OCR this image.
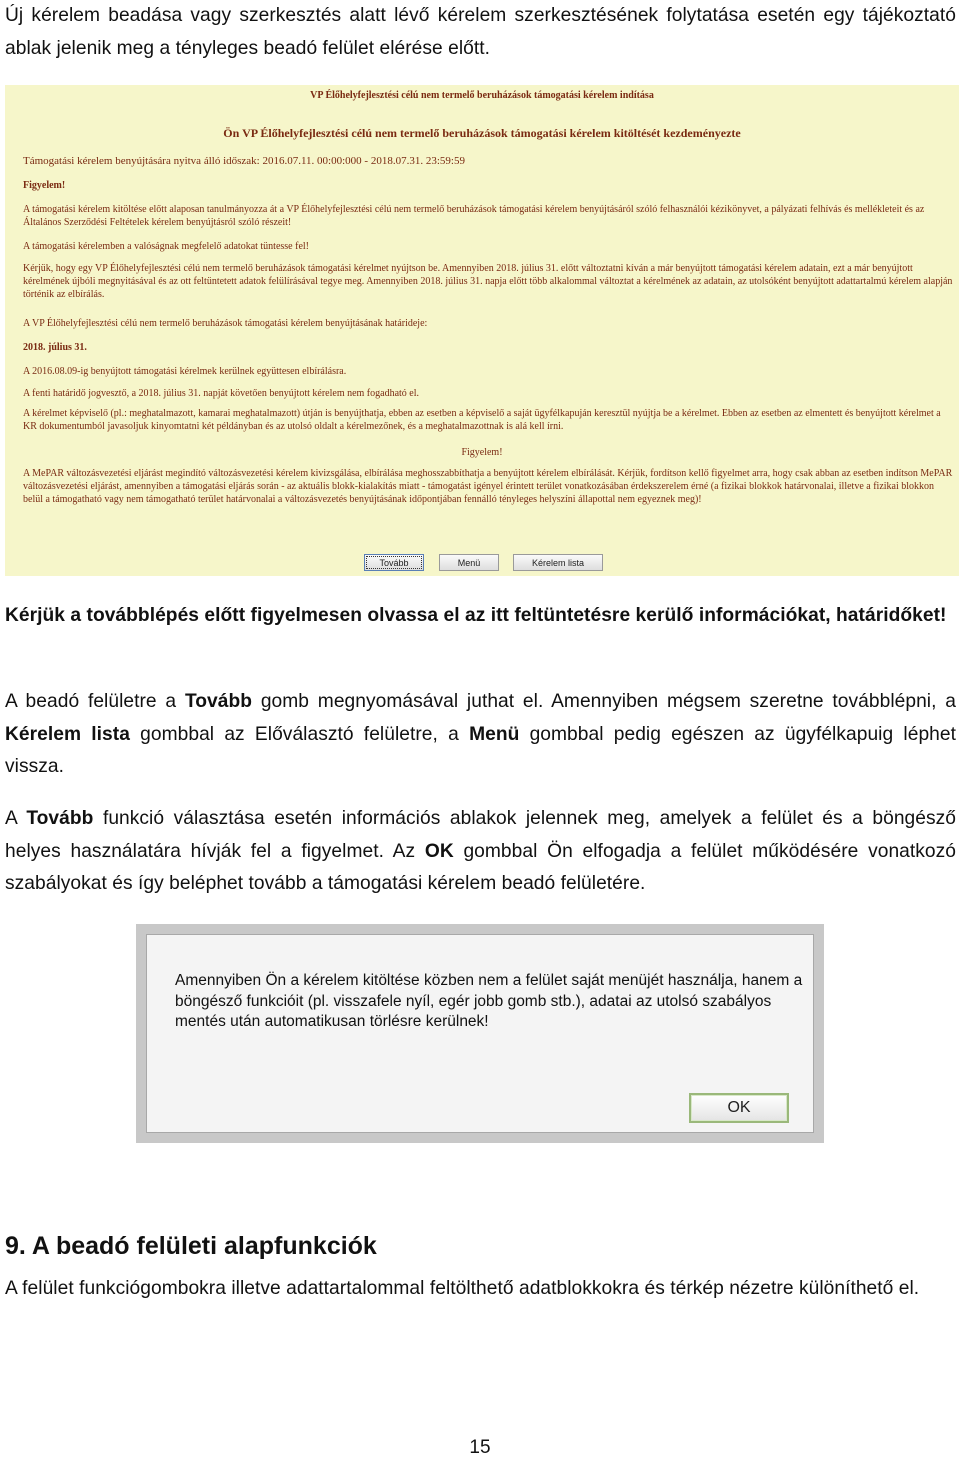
Új kérelem beadása vagy szerkesztés alatt lévő kérelem szerkesztésének folytatása esetén egy tájékoztató ablak jelenik meg a tényleges beadó felület elérése előtt.

VP Élőhelyfejlesztési célú nem termelő beruházások támogatási kérelem indítása

Ön VP Élőhelyfejlesztési célú nem termelő beruházások támogatási kérelem kitöltését kezdeményezte

Támogatási kérelem benyújtására nyitva álló időszak: 2016.07.11. 00:00:000 - 2018.07.31. 23:59:59

Figyelem!

A támogatási kérelem kitöltése előtt alaposan tanulmányozza át a VP Élőhelyfejlesztési célú nem termelő beruházások támogatási kérelem benyújtásáról szóló felhasználói kézikönyvet, a pályázati felhívás és mellékleteit és az Általános Szerződési Feltételek kérelem benyújtásról szóló részeit!

A támogatási kérelemben a valóságnak megfelelő adatokat tüntesse fel!

Kérjük, hogy egy VP Élőhelyfejlesztési célú nem termelő beruházások támogatási kérelmet nyújtson be. Amennyiben 2018. július 31. előtt változtatni kíván a már benyújtott támogatási kérelem adatain, ezt a már benyújtott kérelmének újbóli megnyitásával és az ott feltüntetett adatok felülírásával tegye meg. Amennyiben 2018. július 31. napja előtt több alkalommal változtat a kérelmének az adatain, az utolsóként benyújtott adattartalmú kérelem alapján történik az elbírálás.

A VP Élőhelyfejlesztési célú nem termelő beruházások támogatási kérelem benyújtásának határideje:

2018. július 31.

A 2016.08.09-ig benyújtott támogatási kérelmek kerülnek együttesen elbírálásra.

A fenti határidő jogvesztő, a 2018. július 31. napját követően benyújtott kérelem nem fogadható el.

A kérelmet képviselő (pl.: meghatalmazott, kamarai meghatalmazott) útján is benyújthatja, ebben az esetben a képviselő a saját ügyfélkapuján keresztül nyújtja be a kérelmet. Ebben az esetben az elmentett és benyújtott kérelmet a KR dokumentumból javasoljuk kinyomtatni két példányban és az utolsó oldalt a kérelmezőnek, és a meghatalmazottnak is alá kell írni.

Figyelem!

A MePAR változásvezetési eljárást megindító változásvezetési kérelem kivizsgálása, elbírálása meghosszabbíthatja a benyújtott kérelem elbírálását. Kérjük, fordítson kellő figyelmet arra, hogy csak abban az esetben indítson MePAR változásvezetési eljárást, amennyiben a támogatási eljárás során - az aktuális blokk-kialakítás miatt - támogatást igényel érintett terület vonatkozásában érdekszerelem érné (a fizikai blokkok határvonalai, illetve a fizikai blokkon belül a támogatható vagy nem támogatható terület határvonalai a változásvezetés benyújtásának időpontjában fennálló tényleges helyszíni állapottal nem egyeznek meg)!

Tovább	Menü	Kérelem lista

Kérjük a továbblépés előtt figyelmesen olvassa el az itt feltüntetésre kerülő információkat, határidőket!

A beadó felületre a Tovább gomb megnyomásával juthat el. Amennyiben mégsem szeretne továbblépni, a Kérelem lista gombbal az Előválasztó felületre, a Menü gombbal pedig egészen az ügyfélkapuig léphet vissza.

A Tovább funkció választása esetén információs ablakok jelennek meg, amelyek a felület és a böngésző helyes használatára hívják fel a figyelmet. Az OK gombbal Ön elfogadja a felület működésére vonatkozó szabályokat és így beléphet tovább a támogatási kérelem beadó felületére.

Amennyiben Ön a kérelem kitöltése közben nem a felület saját menüjét használja, hanem a böngésző funkcióit (pl. visszafele nyíl, egér jobb gomb stb.), adatai az utolsó szabályos mentés után automatikusan törlésre kerülnek!

OK
9. A beadó felületi alapfunkciók

A felület funkciógombokra illetve adattartalommal feltölthető adatblokkokra és térkép nézetre különíthető el.

15
